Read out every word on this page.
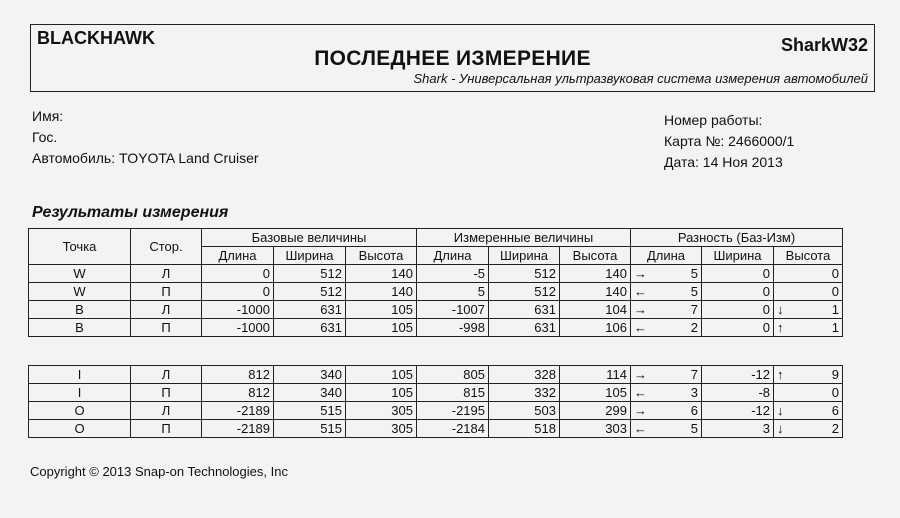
BLACKHAWK	SharkW32
ПОСЛЕДНЕЕ ИЗМЕРЕНИЕ
Shark - Универсальная ультразвуковая система измерения автомобилей
Имя:
Гос.
Автомобиль: TOYOTA Land Cruiser
Номер работы:
Карта №: 2466000/1
Дата: 14 Ноя 2013
Результаты измерения
Точка	Стор.	Базовые величины			Измеренные величины			Разность (Баз-Изм)		
		Длина	Ширина	Высота	Длина	Ширина	Высота	Длина	Ширина	Высота
W	Л	0	512	140	-5	512	140	→ 5	0	0
W	П	0	512	140	5	512	140	← 5	0	0
B	Л	-1000	631	105	-1007	631	104	→ 7	0	↓ 1
B	П	-1000	631	105	-998	631	106	← 2	0	↑ 1
I	Л	812	340	105	805	328	114	→ 7	-12	↑ 9
I	П	812	340	105	815	332	105	← 3	-8	0
O	Л	-2189	515	305	-2195	503	299	→ 6	-12	↓ 6
O	П	-2189	515	305	-2184	518	303	← 5	3	↓ 2
Copyright © 2013 Snap-on Technologies, Inc
